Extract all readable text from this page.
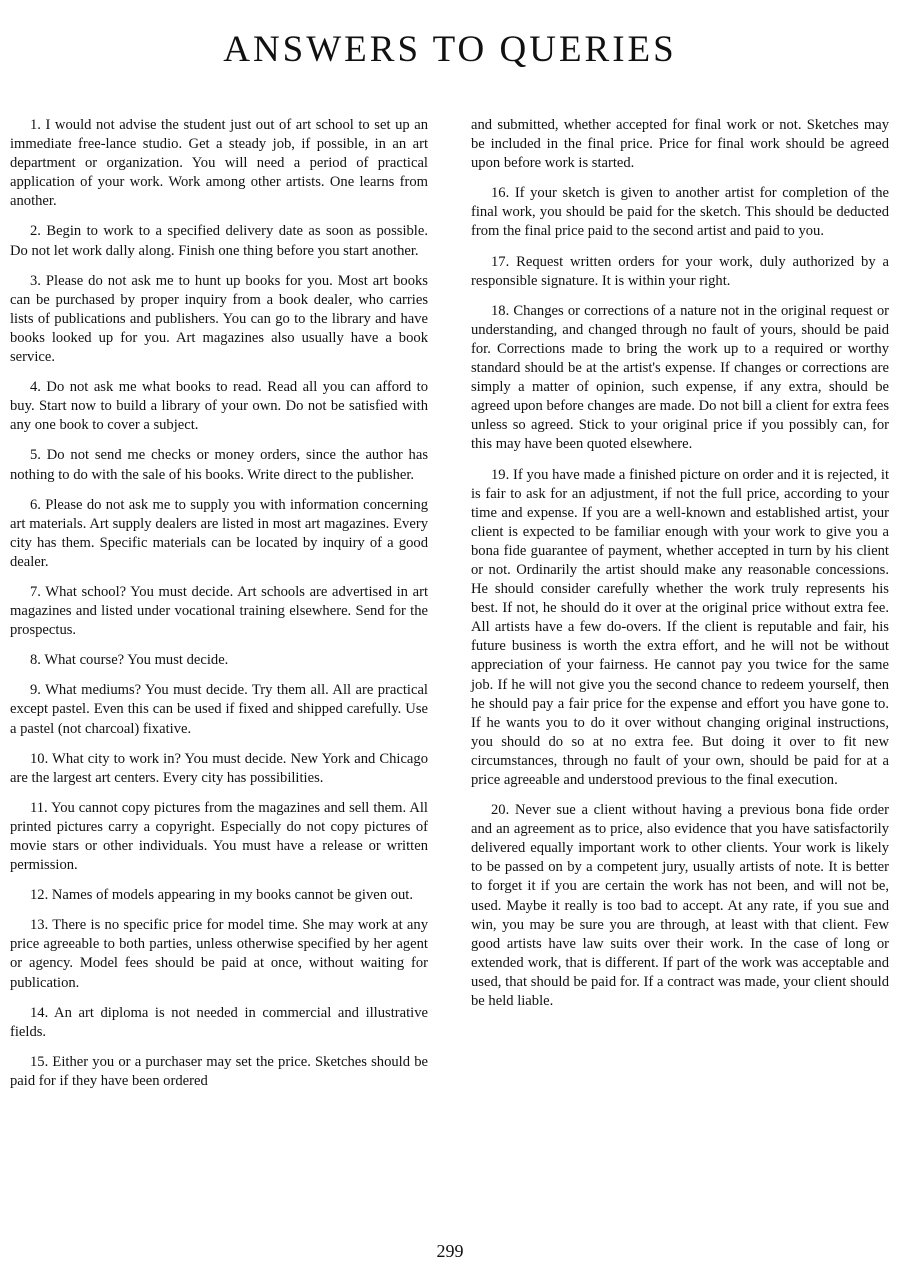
ANSWERS TO QUERIES

1. I would not advise the student just out of art school to set up an immediate free-lance studio. Get a steady job, if possible, in an art department or organization. You will need a period of practical application of your work. Work among other artists. One learns from another.

2. Begin to work to a specified delivery date as soon as possible. Do not let work dally along. Finish one thing before you start another.

3. Please do not ask me to hunt up books for you. Most art books can be purchased by proper inquiry from a book dealer, who carries lists of publications and publishers. You can go to the library and have books looked up for you. Art magazines also usually have a book service.

4. Do not ask me what books to read. Read all you can afford to buy. Start now to build a library of your own. Do not be satisfied with any one book to cover a subject.

5. Do not send me checks or money orders, since the author has nothing to do with the sale of his books. Write direct to the publisher.

6. Please do not ask me to supply you with information concerning art materials. Art supply dealers are listed in most art magazines. Every city has them. Specific materials can be located by inquiry of a good dealer.

7. What school? You must decide. Art schools are advertised in art magazines and listed under vocational training elsewhere. Send for the prospectus.

8. What course? You must decide.

9. What mediums? You must decide. Try them all. All are practical except pastel. Even this can be used if fixed and shipped carefully. Use a pastel (not charcoal) fixative.

10. What city to work in? You must decide. New York and Chicago are the largest art centers. Every city has possibilities.

11. You cannot copy pictures from the magazines and sell them. All printed pictures carry a copyright. Especially do not copy pictures of movie stars or other individuals. You must have a release or written permission.

12. Names of models appearing in my books cannot be given out.

13. There is no specific price for model time. She may work at any price agreeable to both parties, unless otherwise specified by her agent or agency. Model fees should be paid at once, without waiting for publication.

14. An art diploma is not needed in commercial and illustrative fields.

15. Either you or a purchaser may set the price. Sketches should be paid for if they have been ordered

and submitted, whether accepted for final work or not. Sketches may be included in the final price. Price for final work should be agreed upon before work is started.

16. If your sketch is given to another artist for completion of the final work, you should be paid for the sketch. This should be deducted from the final price paid to the second artist and paid to you.

17. Request written orders for your work, duly authorized by a responsible signature. It is within your right.

18. Changes or corrections of a nature not in the original request or understanding, and changed through no fault of yours, should be paid for. Corrections made to bring the work up to a required or worthy standard should be at the artist's expense. If changes or corrections are simply a matter of opinion, such expense, if any extra, should be agreed upon before changes are made. Do not bill a client for extra fees unless so agreed. Stick to your original price if you possibly can, for this may have been quoted elsewhere.

19. If you have made a finished picture on order and it is rejected, it is fair to ask for an adjustment, if not the full price, according to your time and expense. If you are a well-known and established artist, your client is expected to be familiar enough with your work to give you a bona fide guarantee of payment, whether accepted in turn by his client or not. Ordinarily the artist should make any reasonable concessions. He should consider carefully whether the work truly represents his best. If not, he should do it over at the original price without extra fee. All artists have a few do-overs. If the client is reputable and fair, his future business is worth the extra effort, and he will not be without appreciation of your fairness. He cannot pay you twice for the same job. If he will not give you the second chance to redeem yourself, then he should pay a fair price for the expense and effort you have gone to. If he wants you to do it over without changing original instructions, you should do so at no extra fee. But doing it over to fit new circumstances, through no fault of your own, should be paid for at a price agreeable and understood previous to the final execution.

20. Never sue a client without having a previous bona fide order and an agreement as to price, also evidence that you have satisfactorily delivered equally important work to other clients. Your work is likely to be passed on by a competent jury, usually artists of note. It is better to forget it if you are certain the work has not been, and will not be, used. Maybe it really is too bad to accept. At any rate, if you sue and win, you may be sure you are through, at least with that client. Few good artists have law suits over their work. In the case of long or extended work, that is different. If part of the work was acceptable and used, that should be paid for. If a contract was made, your client should be held liable.

299
